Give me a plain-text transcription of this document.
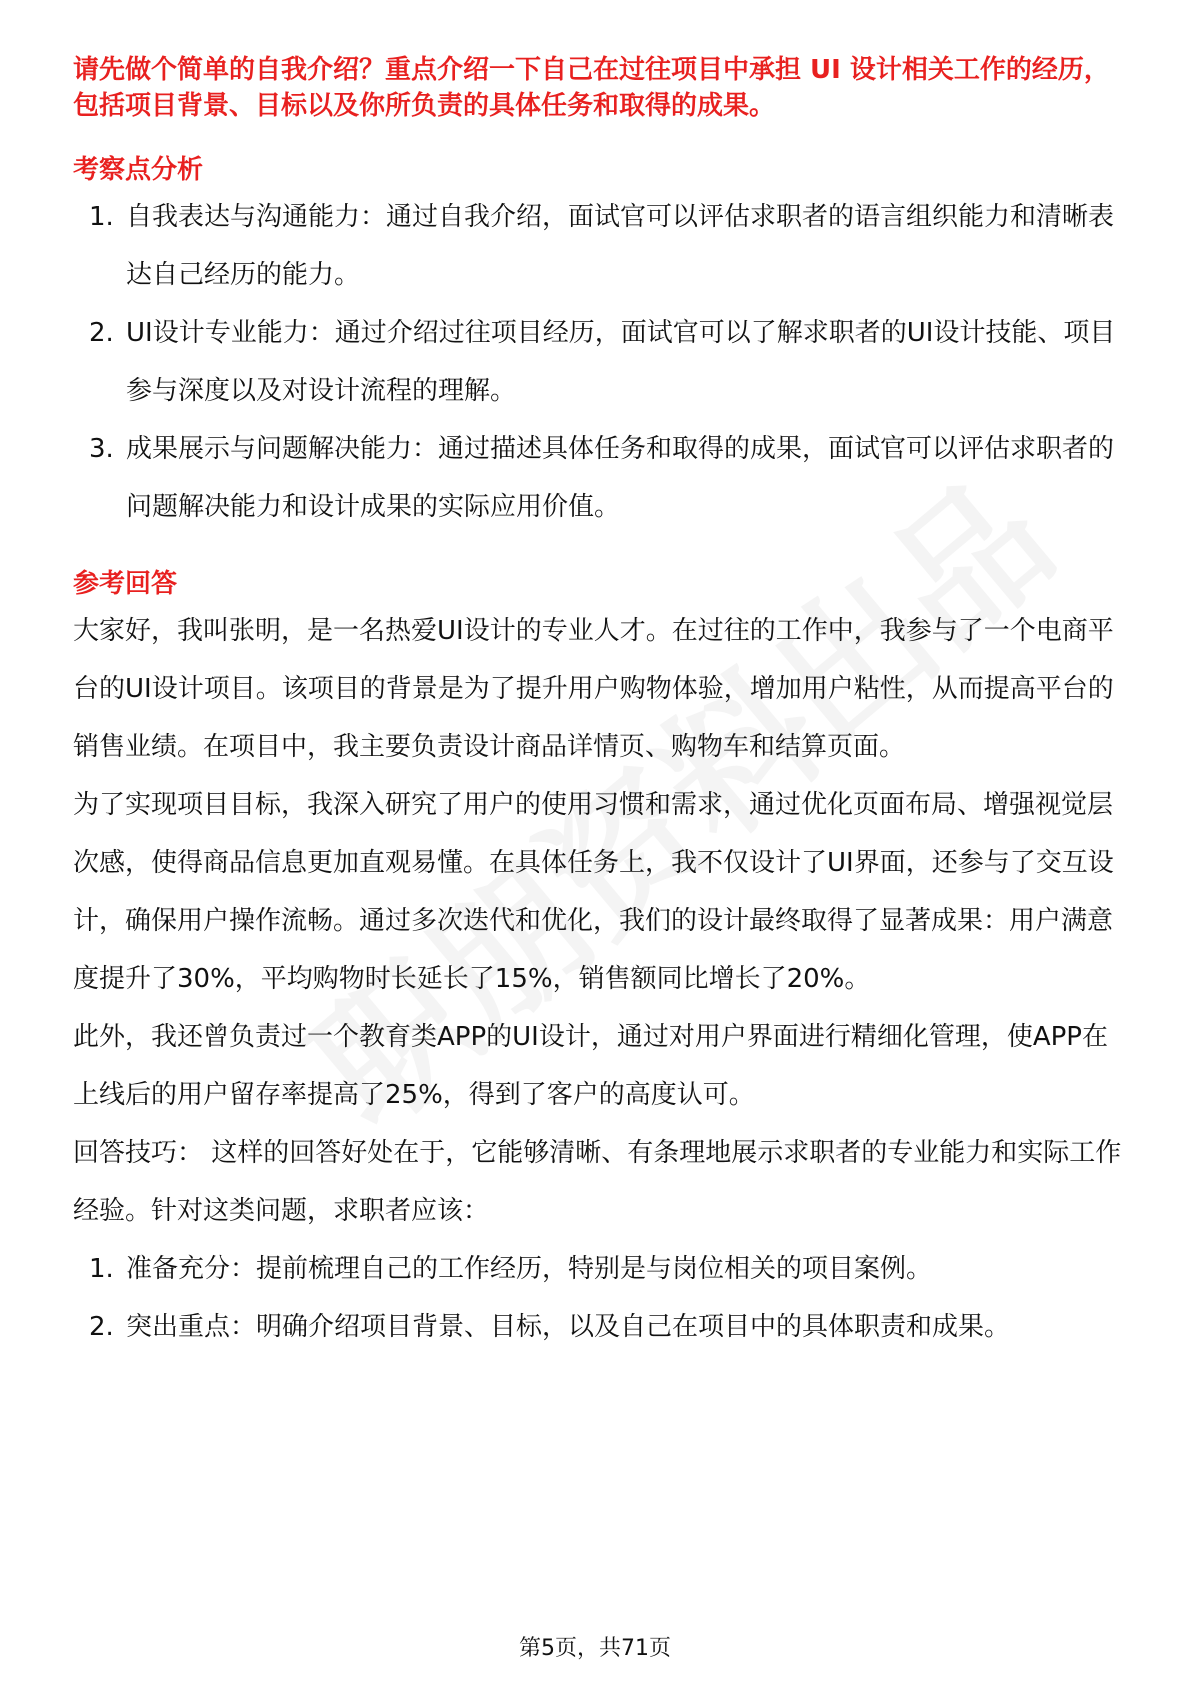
请先做个简单的自我介绍？重点介绍一下自己在过往项目中承担 UI 设计相关工作的经历，包括项目背景、目标以及你所负责的具体任务和取得的成果。

考察点分析
1. 自我表达与沟通能力：通过自我介绍，面试官可以评估求职者的语言组织能力和清晰表达自己经历的能力。
2. UI设计专业能力：通过介绍过往项目经历，面试官可以了解求职者的UI设计技能、项目参与深度以及对设计流程的理解。
3. 成果展示与问题解决能力：通过描述具体任务和取得的成果，面试官可以评估求职者的问题解决能力和设计成果的实际应用价值。
参考回答

大家好，我叫张明，是一名热爱UI设计的专业人才。在过往的工作中，我参与了一个电商平台的UI设计项目。该项目的背景是为了提升用户购物体验，增加用户粘性，从而提高平台的销售业绩。在项目中，我主要负责设计商品详情页、购物车和结算页面。

为了实现项目目标，我深入研究了用户的使用习惯和需求，通过优化页面布局、增强视觉层次感，使得商品信息更加直观易懂。在具体任务上，我不仅设计了UI界面，还参与了交互设计，确保用户操作流畅。通过多次迭代和优化，我们的设计最终取得了显著成果：用户满意度提升了30%，平均购物时长延长了15%，销售额同比增长了20%。

此外，我还曾负责过一个教育类APP的UI设计，通过对用户界面进行精细化管理，使APP在上线后的用户留存率提高了25%，得到了客户的高度认可。

回答技巧： 这样的回答好处在于，它能够清晰、有条理地展示求职者的专业能力和实际工作经验。针对这类问题，求职者应该：

1. 准备充分：提前梳理自己的工作经历，特别是与岗位相关的项目案例。
2. 突出重点：明确介绍项目背景、目标，以及自己在项目中的具体职责和成果。
第5页，共71页
